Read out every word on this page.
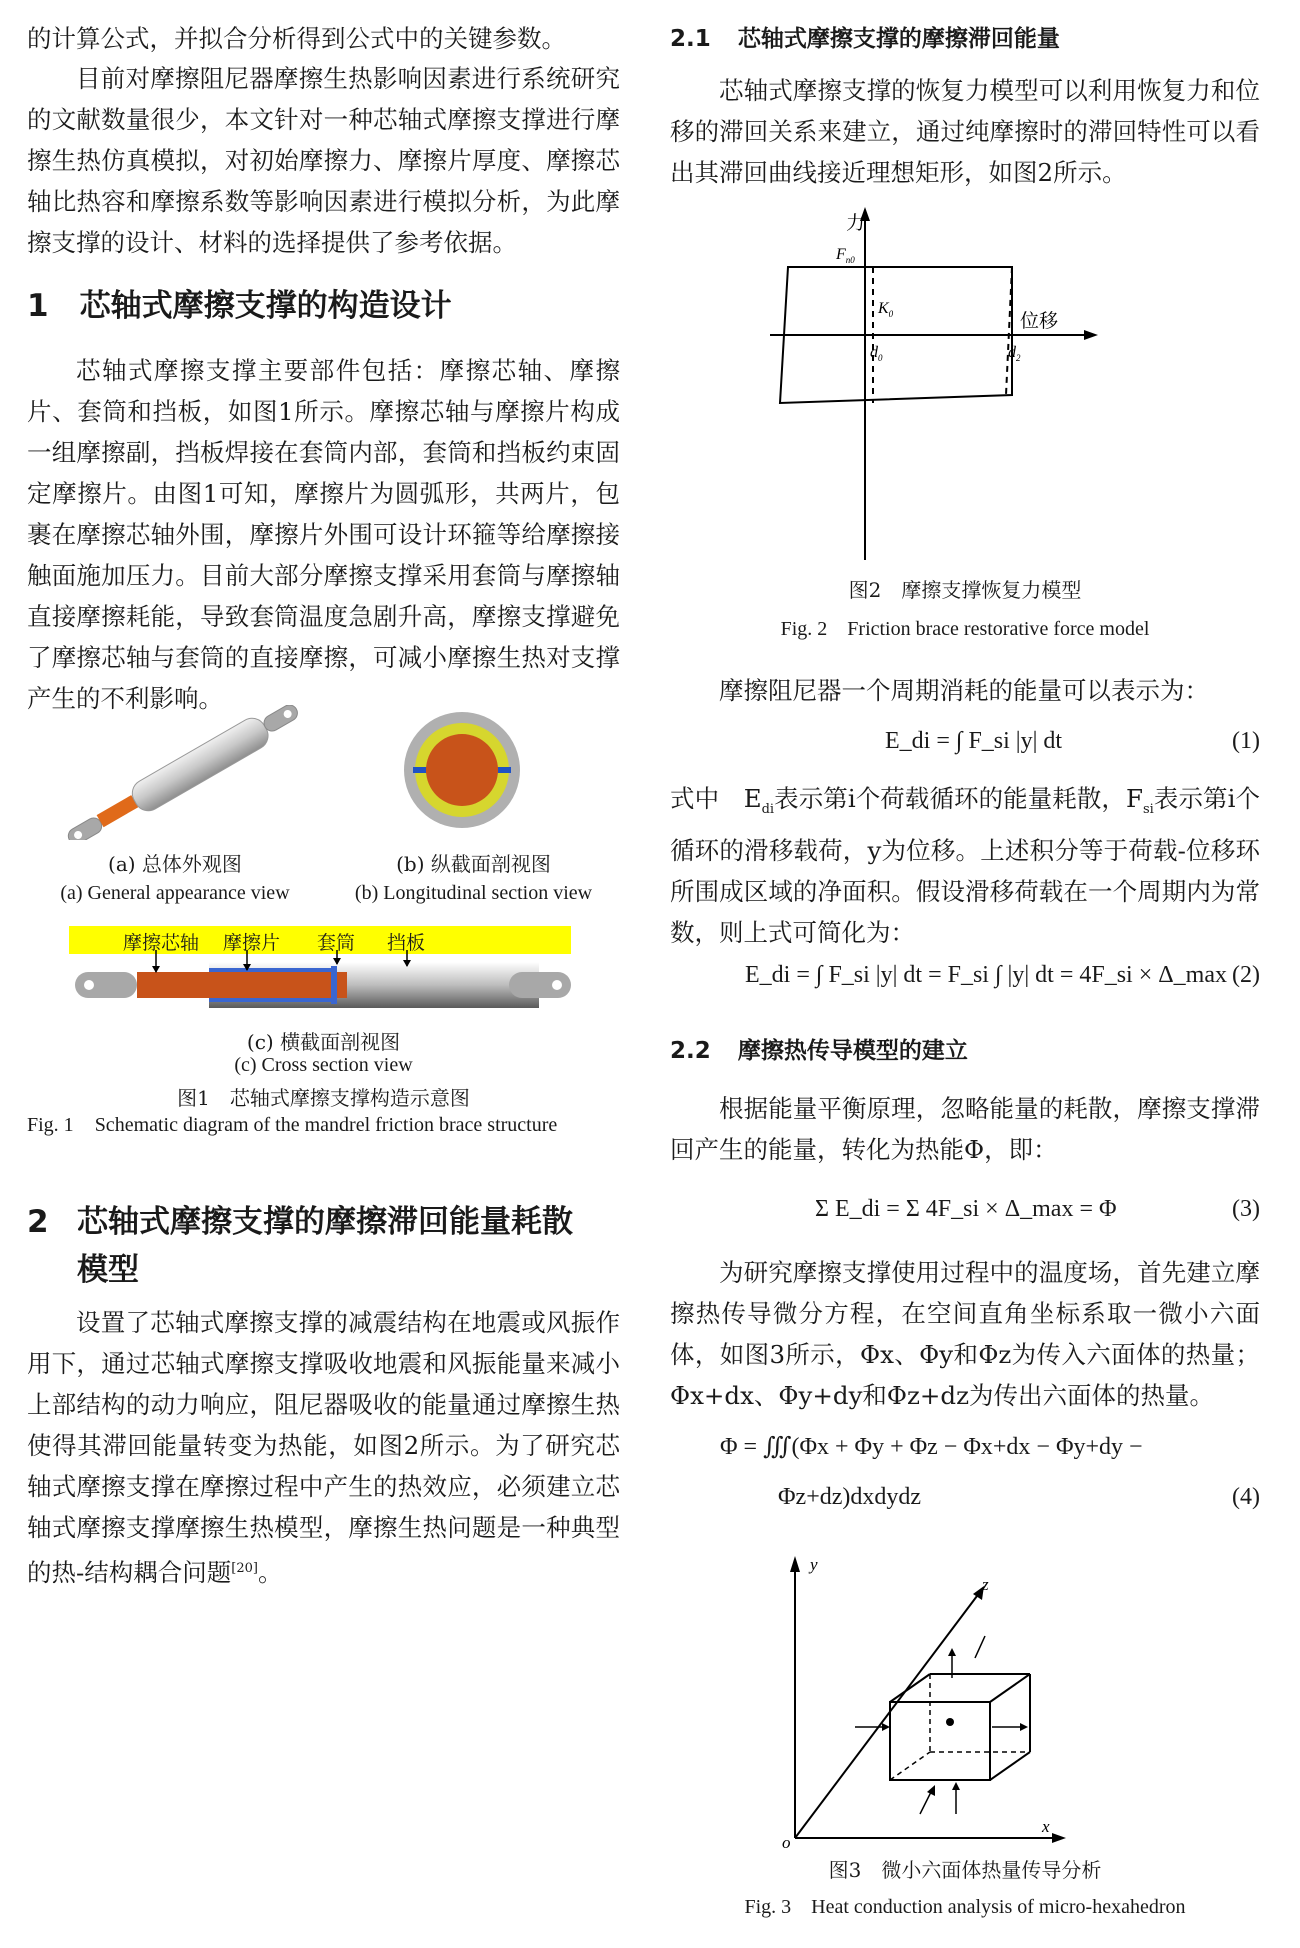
的计算公式，并拟合分析得到公式中的关键参数。

目前对摩擦阻尼器摩擦生热影响因素进行系统研究的文献数量很少，本文针对一种芯轴式摩擦支撑进行摩擦生热仿真模拟，对初始摩擦力、摩擦片厚度、摩擦芯轴比热容和摩擦系数等影响因素进行模拟分析，为此摩擦支撑的设计、材料的选择提供了参考依据。

1 芯轴式摩擦支撑的构造设计

芯轴式摩擦支撑主要部件包括：摩擦芯轴、摩擦片、套筒和挡板，如图1所示。摩擦芯轴与摩擦片构成一组摩擦副，挡板焊接在套筒内部，套筒和挡板约束固定摩擦片。由图1可知，摩擦片为圆弧形，共两片，包裹在摩擦芯轴外围，摩擦片外围可设计环箍等给摩擦接触面施加压力。目前大部分摩擦支撑采用套筒与摩擦轴直接摩擦耗能，导致套筒温度急剧升高，摩擦支撑避免了摩擦芯轴与套筒的直接摩擦，可减小摩擦生热对支撑产生的不利影响。

(a) 总体外观图
(a) General appearance view
(b) 纵截面剖视图
(b) Longitudinal section view
摩擦芯轴 摩擦片 套筒 挡板
(c) 横截面剖视图
(c) Cross section view
图1　芯轴式摩擦支撑构造示意图
Fig. 1 Schematic diagram of the mandrel friction brace structure
2 芯轴式摩擦支撑的摩擦滞回能量耗散模型

设置了芯轴式摩擦支撑的减震结构在地震或风振作用下，通过芯轴式摩擦支撑吸收地震和风振能量来减小上部结构的动力响应，阻尼器吸收的能量通过摩擦生热使得其滞回能量转变为热能，如图2所示。为了研究芯轴式摩擦支撑在摩擦过程中产生的热效应，必须建立芯轴式摩擦支撑摩擦生热模型，摩擦生热问题是一种典型的热-结构耦合问题[20]。

2.1 芯轴式摩擦支撑的摩擦滞回能量

芯轴式摩擦支撑的恢复力模型可以利用恢复力和位移的滞回关系来建立，通过纯摩擦时的滞回特性可以看出其滞回曲线接近理想矩形，如图2所示。

力
位移
$F_{n0}$
$K_0$
$d_0$	$d_2$
图2　摩擦支撑恢复力模型
Fig. 2　Friction brace restorative force model

摩擦阻尼器一个周期消耗的能量可以表示为：

E_di = ∫ F_si |y| dt	(1)

式中　$E_{di}$表示第i个荷载循环的能量耗散，$F_{si}$表示第i个循环的滑移载荷，y为位移。上述积分等于荷载-位移环所围成区域的净面积。假设滑移荷载在一个周期内为常数，则上式可简化为：

E_di = ∫ F_si |y| dt = F_si ∫ |y| dt = 4F_si × Δ_max (2)
2.2 摩擦热传导模型的建立

根据能量平衡原理，忽略能量的耗散，摩擦支撑滞回产生的能量，转化为热能Φ，即：

Σ E_di = Σ 4F_si × Δ_max = Φ	(3)

为研究摩擦支撑使用过程中的温度场，首先建立摩擦热传导微分方程，在空间直角坐标系取一微小六面体，如图3所示，Φx、Φy和Φz为传入六面体的热量；Φx+dx、Φy+dy和Φz+dz为传出六面体的热量。

Φ = ∭(Φx + Φy + Φz − Φx+dx − Φy+dy −
Φz+dz)dxdydz	(4)
y
z
x
o
图3　微小六面体热量传导分析
Fig. 3　Heat conduction analysis of micro-hexahedron
